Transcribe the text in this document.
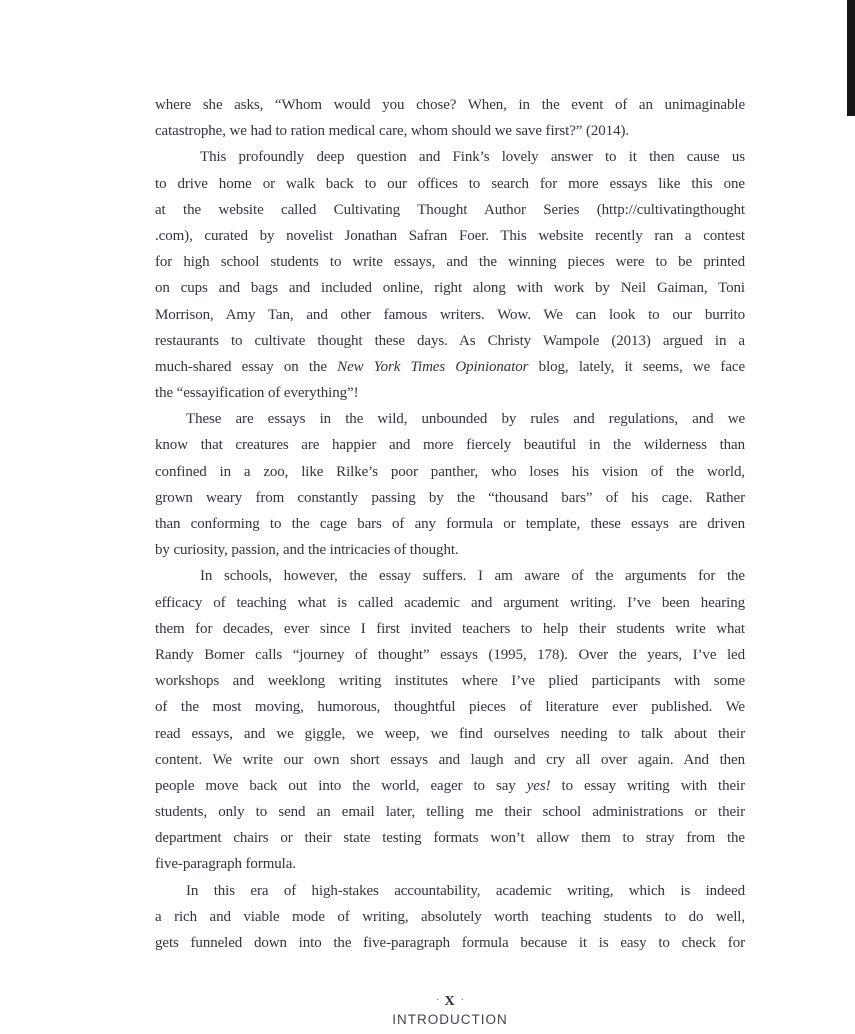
where she asks, “Whom would you chose? When, in the event of an unimaginable
catastrophe, we had to ration medical care, whom should we save first?” (2014).
This profoundly deep question and Fink’s lovely answer to it then cause us
to drive home or walk back to our offices to search for more essays like this one
at the website called Cultivating Thought Author Series (http://cultivatingthought
.com), curated by novelist Jonathan Safran Foer. This website recently ran a contest
for high school students to write essays, and the winning pieces were to be printed
on cups and bags and included online, right along with work by Neil Gaiman, Toni
Morrison, Amy Tan, and other famous writers. Wow. We can look to our burrito
restaurants to cultivate thought these days. As Christy Wampole (2013) argued in a
much-shared essay on the New York Times Opinionator blog, lately, it seems, we face
the “essayification of everything”!
These are essays in the wild, unbounded by rules and regulations, and we
know that creatures are happier and more fiercely beautiful in the wilderness than
confined in a zoo, like Rilke’s poor panther, who loses his vision of the world,
grown weary from constantly passing by the “thousand bars” of his cage. Rather
than conforming to the cage bars of any formula or template, these essays are driven
by curiosity, passion, and the intricacies of thought.
In schools, however, the essay suffers. I am aware of the arguments for the
efficacy of teaching what is called academic and argument writing. I’ve been hearing
them for decades, ever since I first invited teachers to help their students write what
Randy Bomer calls “journey of thought” essays (1995, 178). Over the years, I’ve led
workshops and weeklong writing institutes where I’ve plied participants with some
of the most moving, humorous, thoughtful pieces of literature ever published. We
read essays, and we giggle, we weep, we find ourselves needing to talk about their
content. We write our own short essays and laugh and cry all over again. And then
people move back out into the world, eager to say yes! to essay writing with their
students, only to send an email later, telling me their school administrations or their
department chairs or their state testing formats won’t allow them to stray from the
five-paragraph formula.
In this era of high-stakes accountability, academic writing, which is indeed
a rich and viable mode of writing, absolutely worth teaching students to do well,
gets funneled down into the five-paragraph formula because it is easy to check for
· X ·
INTRODUCTION
